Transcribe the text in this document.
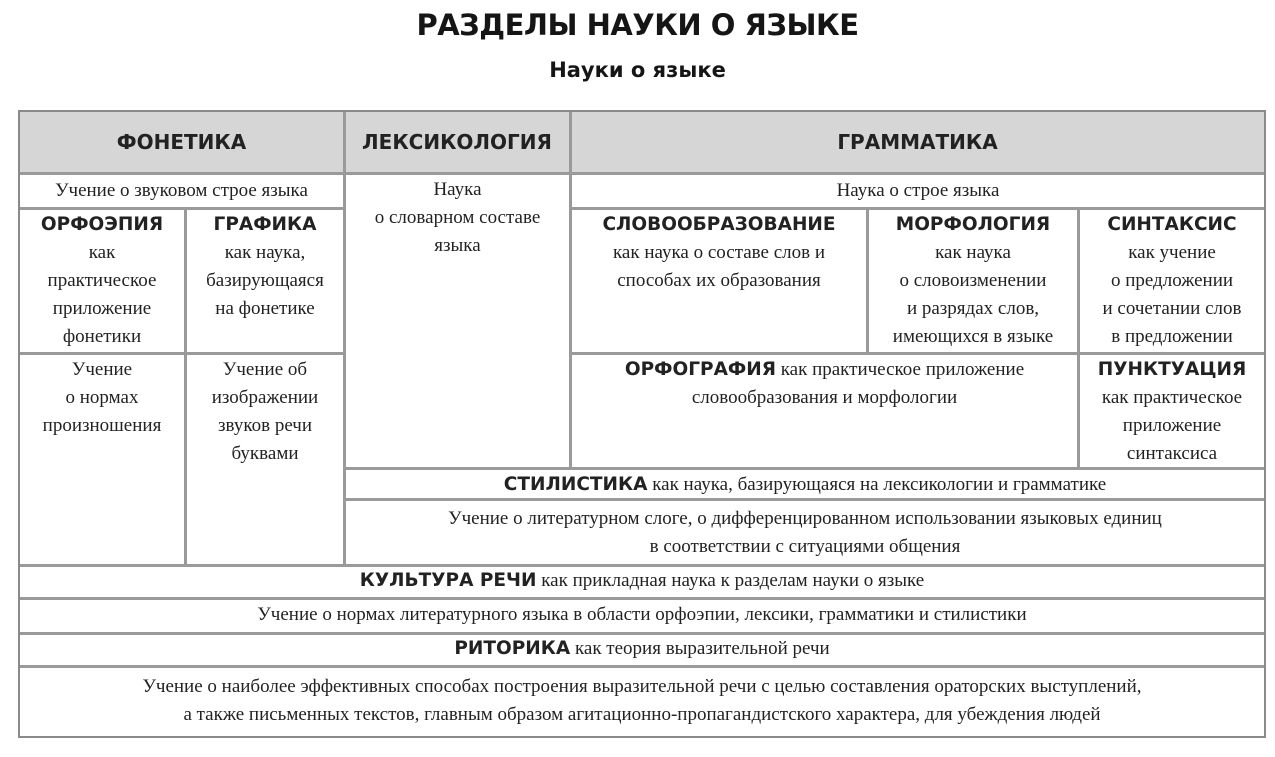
РАЗДЕЛЫ НАУКИ О ЯЗЫКЕ
Науки о языке
ФОНЕТИКА	ЛЕКСИКОЛОГИЯ	ГРАММАТИКА
Учение о звуковом строе языка
ОРФОЭПИЯ
как
практическое
приложение
фонетики
ГРАФИКА
как наука,
базирующаяся
на фонетике
Учение
о нормах
произношения
Учение об
изображении
звуков речи
буквами
Наука
о словарном составе
языка
Наука о строе языка
СЛОВООБРАЗОВАНИЕ
как наука о составе слов и
способах их образования
МОРФОЛОГИЯ
как наука
о словоизменении
и разрядах слов,
имеющихся в языке
СИНТАКСИС
как учение
о предложении
и сочетании слов
в предложении
ОРФОГРАФИЯ как практическое приложение
словообразования и морфологии
ПУНКТУАЦИЯ
как практическое
приложение
синтаксиса
СТИЛИСТИКА как наука, базирующаяся на лексикологии и грамматике
Учение о литературном слоге, о дифференцированном использовании языковых единиц
в соответствии с ситуациями общения
КУЛЬТУРА РЕЧИ как прикладная наука к разделам науки о языке
Учение о нормах литературного языка в области орфоэпии, лексики, грамматики и стилистики
РИТОРИКА как теория выразительной речи
Учение о наиболее эффективных способах построения выразительной речи с целью составления ораторских выступлений,
а также письменных текстов, главным образом агитационно-пропагандистского характера, для убеждения людей
